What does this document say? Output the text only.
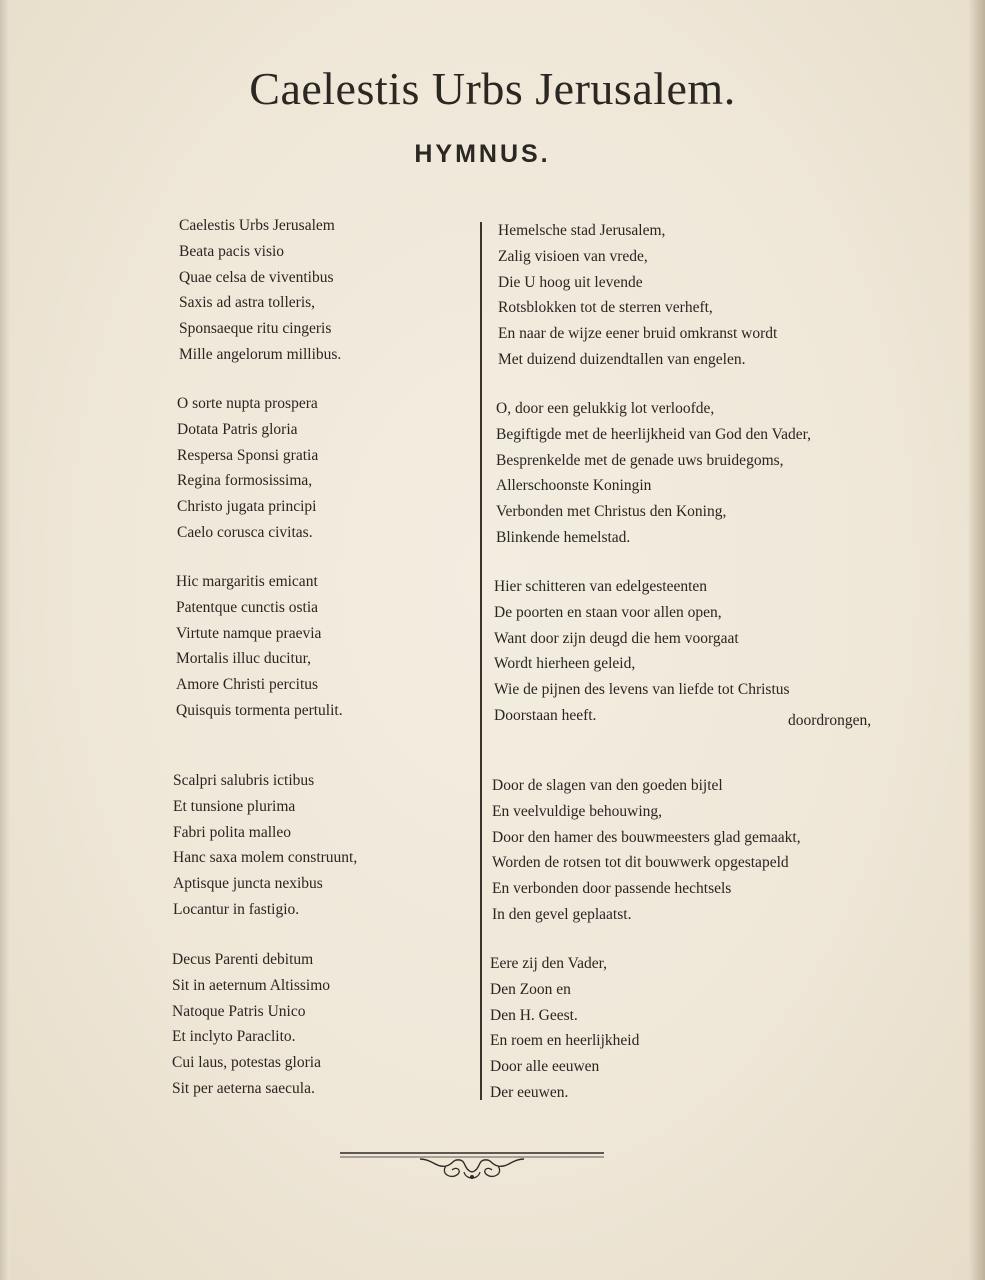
Caelestis Urbs Jerusalem.
HYMNUS.
Caelestis Urbs Jerusalem
Beata pacis visio
Quae celsa de viventibus
Saxis ad astra tolleris,
Sponsaeque ritu cingeris
Mille angelorum millibus.
O sorte nupta prospera
Dotata Patris gloria
Respersa Sponsi gratia
Regina formosissima,
Christo jugata principi
Caelo corusca civitas.
Hic margaritis emicant
Patentque cunctis ostia
Virtute namque praevia
Mortalis illuc ducitur,
Amore Christi percitus
Quisquis tormenta pertulit.
Scalpri salubris ictibus
Et tunsione plurima
Fabri polita malleo
Hanc saxa molem construunt,
Aptisque juncta nexibus
Locantur in fastigio.
Decus Parenti debitum
Sit in aeternum Altissimo
Natoque Patris Unico
Et inclyto Paraclito.
Cui laus, potestas gloria
Sit per aeterna saecula.
Hemelsche stad Jerusalem,
Zalig visioen van vrede,
Die U hoog uit levende
Rotsblokken tot de sterren verheft,
En naar de wijze eener bruid omkranst wordt
Met duizend duizendtallen van engelen.
O, door een gelukkig lot verloofde,
Begiftigde met de heerlijkheid van God den Vader,
Besprenkelde met de genade uws bruidegoms,
Allerschoonste Koningin
Verbonden met Christus den Koning,
Blinkende hemelstad.
Hier schitteren van edelgesteenten
De poorten en staan voor allen open,
Want door zijn deugd die hem voorgaat
Wordt hierheen geleid,
Wie de pijnen des levens van liefde tot Christus
Doorstaan heeft.	doordrongen,
Door de slagen van den goeden bijtel
En veelvuldige behouwing,
Door den hamer des bouwmeesters glad gemaakt,
Worden de rotsen tot dit bouwwerk opgestapeld
En verbonden door passende hechtsels
In den gevel geplaatst.
Eere zij den Vader,
Den Zoon en
Den H. Geest.
En roem en heerlijkheid
Door alle eeuwen
Der eeuwen.
